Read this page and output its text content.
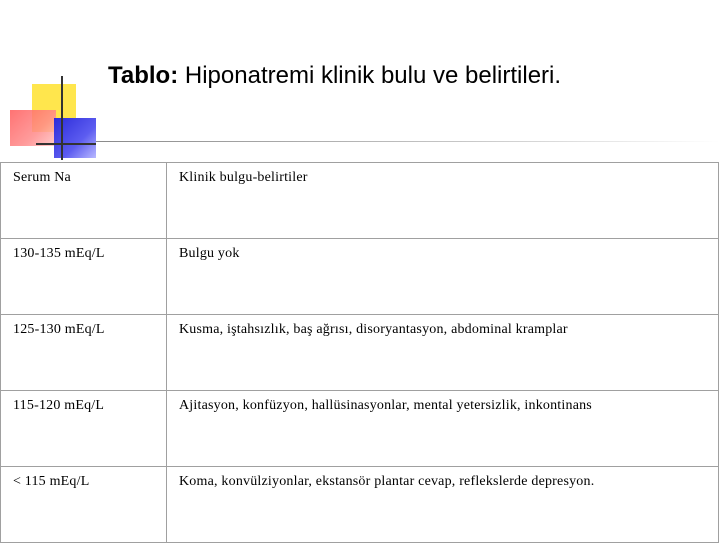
Tablo: Hiponatremi klinik bulu ve belirtileri.
Serum Na	Klinik bulgu-belirtiler
130-135 mEq/L	Bulgu yok
125-130 mEq/L	Kusma, iştahsızlık, baş ağrısı, disoryantasyon, abdominal kramplar
115-120 mEq/L	Ajitasyon, konfüzyon, hallüsinasyonlar, mental yetersizlik, inkontinans
< 115 mEq/L	Koma, konvülziyonlar, ekstansör plantar cevap, reflekslerde depresyon.
